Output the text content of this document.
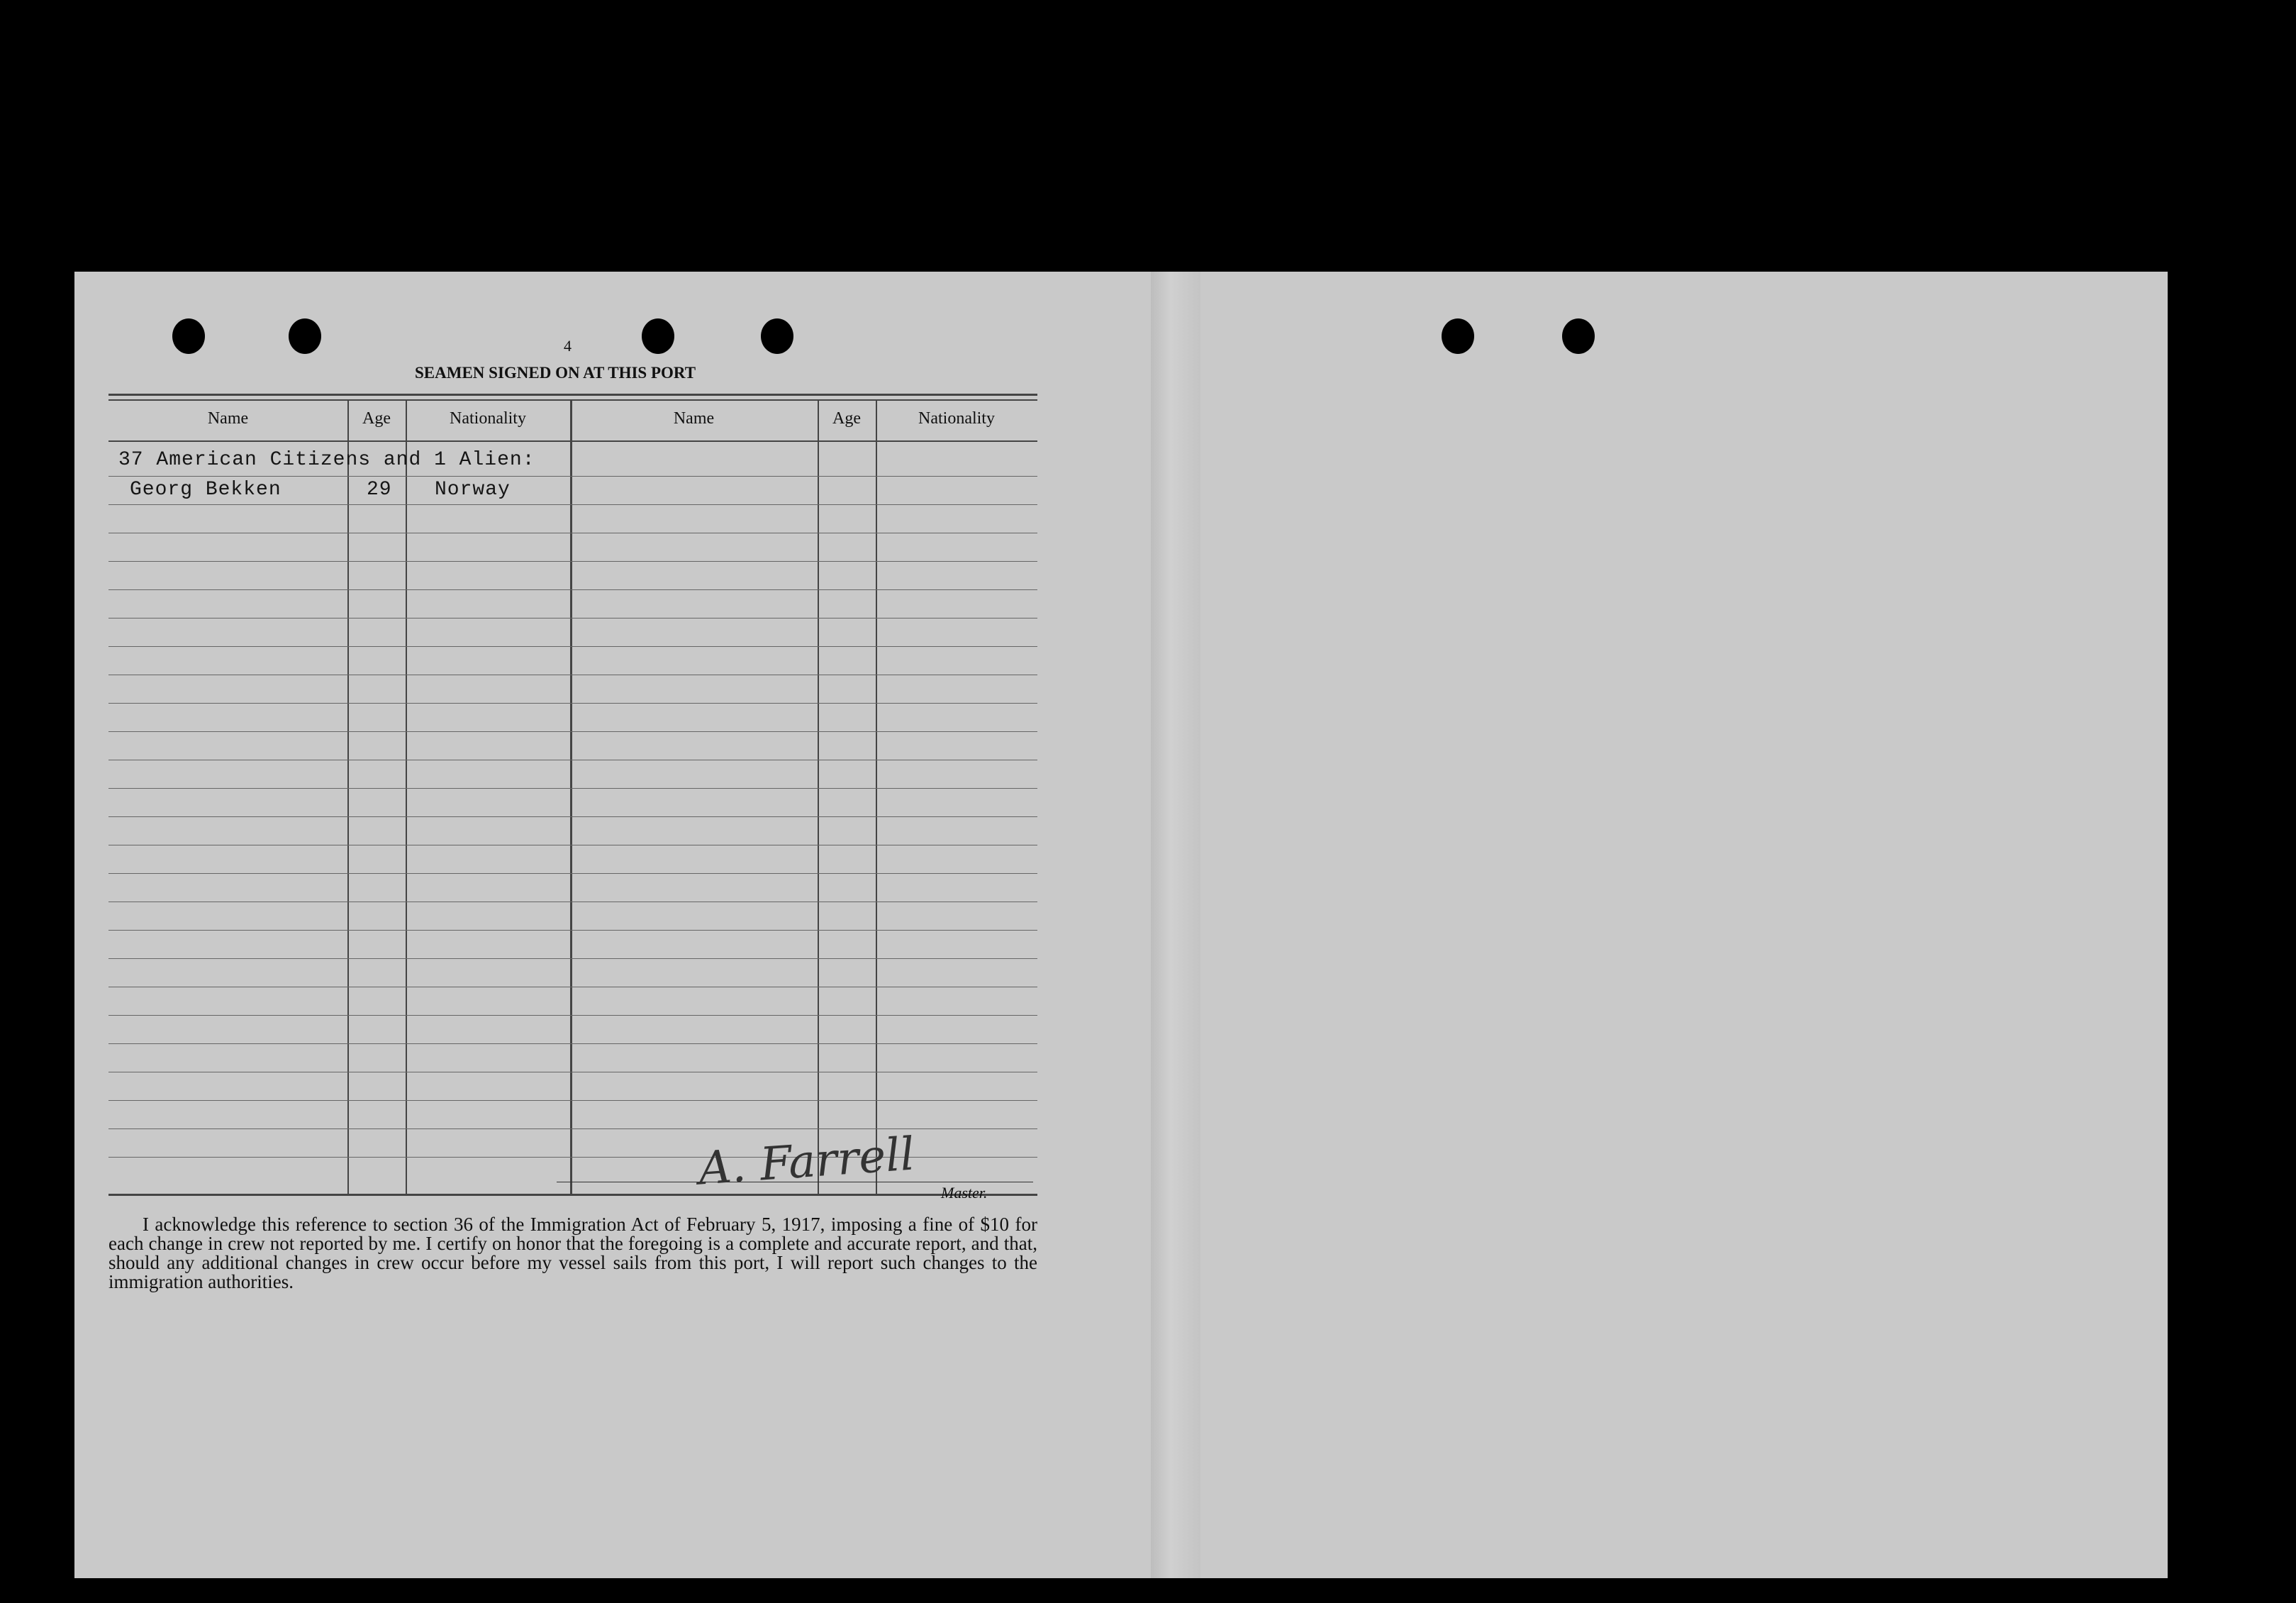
4
SEAMEN SIGNED ON AT THIS PORT
Name	Age	Nationality	Name	Age	Nationality
37 American Citizens and 1 Alien:
Georg Bekken	29 Norway
I acknowledge this reference to section 36 of the Immigration Act of February 5, 1917, imposing a fine of $10 for each change in crew not reported by me. I certify on honor that the foregoing is a complete and accurate report, and that, should any additional changes in crew occur before my vessel sails from this port, I will report such changes to the immigration authorities.
A. Farrell Master.
